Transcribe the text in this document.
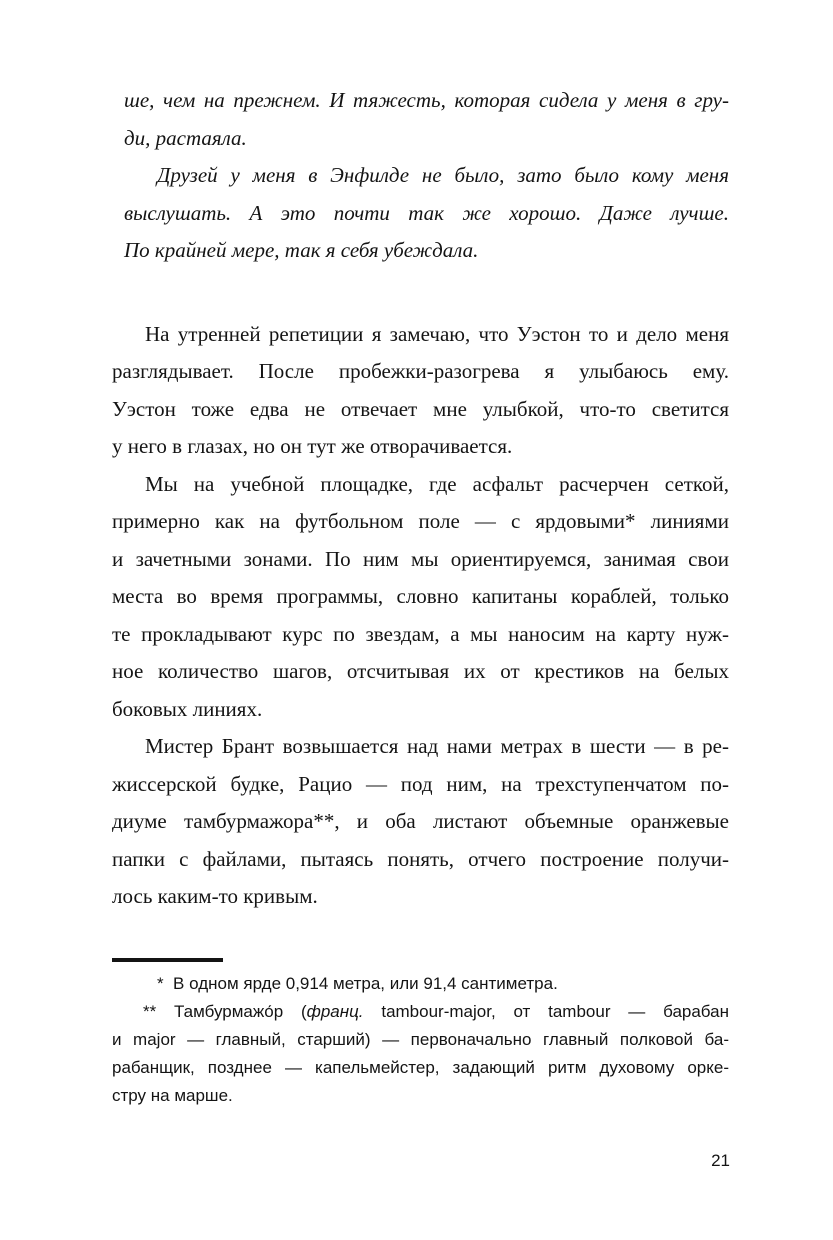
ше, чем на прежнем. И тяжесть, которая сидела у меня в гру-
ди, растаяла.
Друзей у меня в Энфилде не было, зато было кому меня
выслушать. А это почти так же хорошо. Даже лучше.
По крайней мере, так я себя убеждала.
На утренней репетиции я замечаю, что Уэстон то и дело меня
разглядывает. После пробежки-разогрева я улыбаюсь ему.
Уэстон тоже едва не отвечает мне улыбкой, что-то светится
у него в глазах, но он тут же отворачивается.
Мы на учебной площадке, где асфальт расчерчен сеткой,
примерно как на футбольном поле — с ярдовыми* линиями
и зачетными зонами. По ним мы ориентируемся, занимая свои
места во время программы, словно капитаны кораблей, только
те прокладывают курс по звездам, а мы наносим на карту нуж-
ное количество шагов, отсчитывая их от крестиков на белых
боковых линиях.
Мистер Брант возвышается над нами метрах в шести — в ре-
жиссерской будке, Рацио — под ним, на трехступенчатом по-
диуме тамбурмажора**, и оба листают объемные оранжевые
папки с файлами, пытаясь понять, отчего построение получи-
лось каким-то кривым.
*  В одном ярде 0,914 метра, или 91,4 сантиметра.
** Тамбурмажо́р (франц. tambour-major, от tambour — барабан
и major — главный, старший) — первоначально главный полковой ба-
рабанщик, позднее — капельмейстер, задающий ритм духовому орке-
стру на марше.
21
